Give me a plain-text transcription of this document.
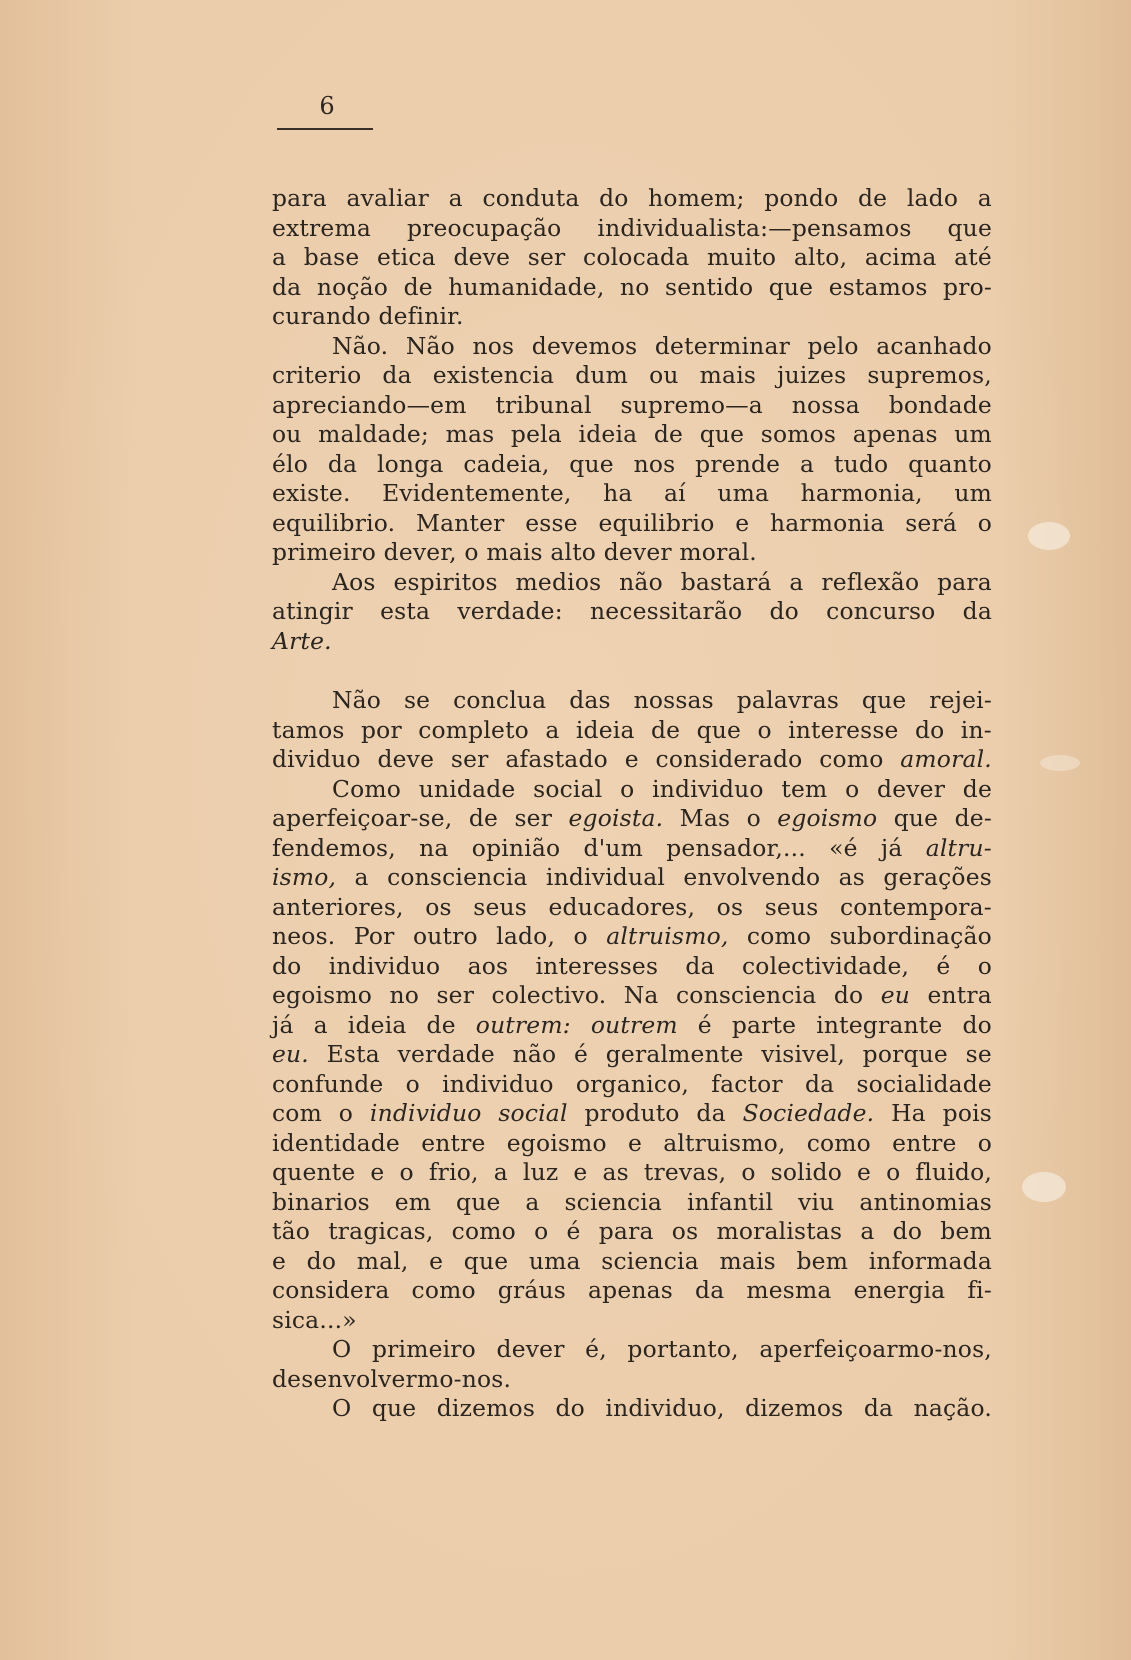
6
para avaliar a conduta do homem; pondo de lado a
extrema preocupação individualista:—pensamos que
a base etica deve ser colocada muito alto, acima até
da noção de humanidade, no sentido que estamos pro-
curando definir.
Não. Não nos devemos determinar pelo acanhado
criterio da existencia dum ou mais juizes supremos,
apreciando—em tribunal supremo—a nossa bondade
ou maldade; mas pela ideia de que somos apenas um
élo da longa cadeia, que nos prende a tudo quanto
existe. Evidentemente, ha aí uma harmonia, um
equilibrio. Manter esse equilibrio e harmonia será o
primeiro dever, o mais alto dever moral.
Aos espiritos medios não bastará a reflexão para
atingir esta verdade: necessitarão do concurso da
Arte.
Não se conclua das nossas palavras que rejei-
tamos por completo a ideia de que o interesse do in-
dividuo deve ser afastado e considerado como amoral.
Como unidade social o individuo tem o dever de
aperfeiçoar-se, de ser egoista. Mas o egoismo que de-
fendemos, na opinião d'um pensador,... «é já altru-
ismo, a consciencia individual envolvendo as gerações
anteriores, os seus educadores, os seus contempora-
neos. Por outro lado, o altruismo, como subordinação
do individuo aos interesses da colectividade, é o
egoismo no ser colectivo. Na consciencia do eu entra
já a ideia de outrem: outrem é parte integrante do
eu. Esta verdade não é geralmente visivel, porque se
confunde o individuo organico, factor da socialidade
com o individuo social produto da Sociedade. Ha pois
identidade entre egoismo e altruismo, como entre o
quente e o frio, a luz e as trevas, o solido e o fluido,
binarios em que a sciencia infantil viu antinomias
tão tragicas, como o é para os moralistas a do bem
e do mal, e que uma sciencia mais bem informada
considera como gráus apenas da mesma energia fi-
sica...»
O primeiro dever é, portanto, aperfeiçoarmo-nos,
desenvolvermo-nos.
O que dizemos do individuo, dizemos da nação.
